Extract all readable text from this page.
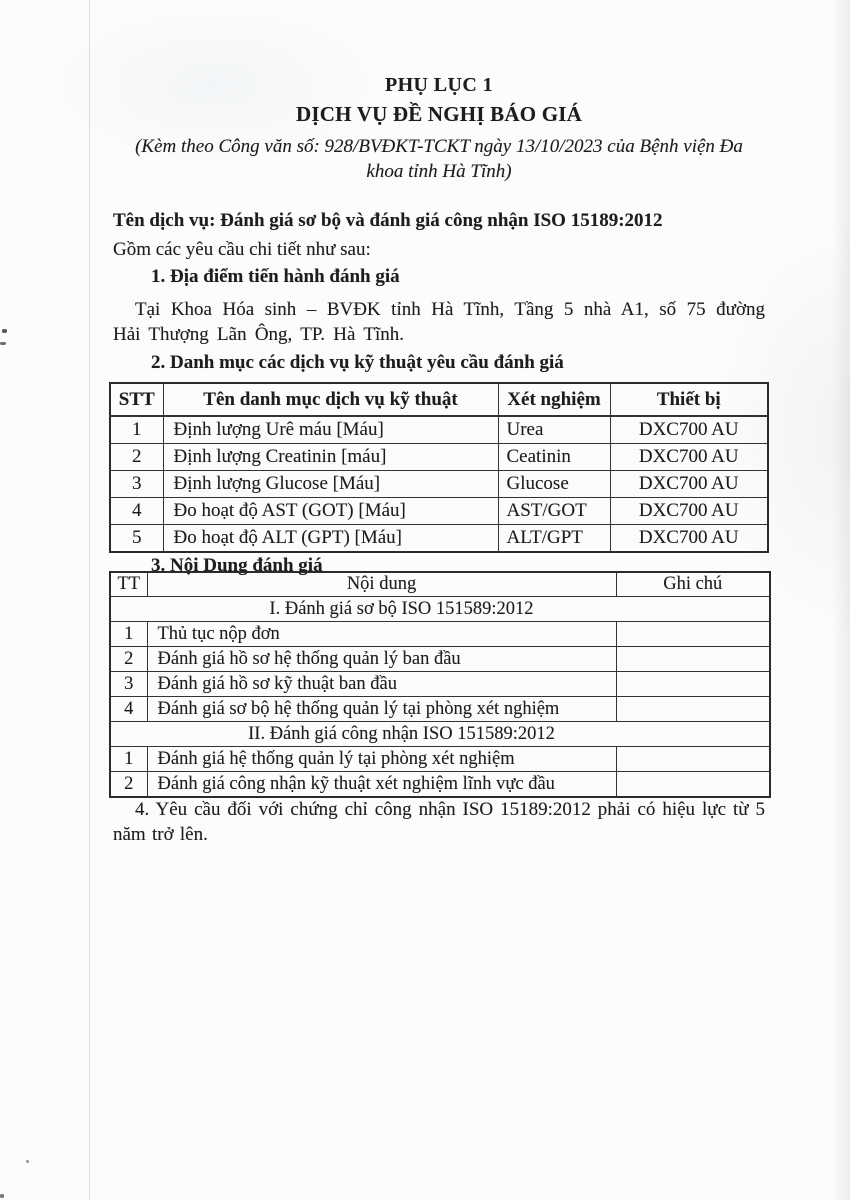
PHỤ LỤC 1
DỊCH VỤ ĐỀ NGHỊ BÁO GIÁ
(Kèm theo Công văn số: 928/BVĐKT-TCKT ngày 13/10/2023 của Bệnh viện Đa
khoa tỉnh Hà Tĩnh)

Tên dịch vụ: Đánh giá sơ bộ và đánh giá công nhận ISO 15189:2012

Gồm các yêu cầu chi tiết như sau:

1. Địa điểm tiến hành đánh giá

Tại Khoa Hóa sinh – BVĐK tỉnh Hà Tĩnh, Tầng 5 nhà A1, số 75 đường Hải Thượng Lãn Ông, TP. Hà Tĩnh.

2. Danh mục các dịch vụ kỹ thuật yêu cầu đánh giá
STT	Tên danh mục dịch vụ kỹ thuật	Xét nghiệm	Thiết bị
1	Định lượng Urê máu [Máu]	Urea	DXC700 AU
2	Định lượng Creatinin [máu]	Ceatinin	DXC700 AU
3	Định lượng Glucose [Máu]	Glucose	DXC700 AU
4	Đo hoạt độ AST (GOT) [Máu]	AST/GOT	DXC700 AU
5	Đo hoạt độ ALT (GPT) [Máu]	ALT/GPT	DXC700 AU
3. Nội Dung đánh giá
TT	Nội dung	Ghi chú
I. Đánh giá sơ bộ ISO 151589:2012		
1	Thủ tục nộp đơn	
2	Đánh giá hồ sơ hệ thống quản lý ban đầu	
3	Đánh giá hồ sơ kỹ thuật ban đầu	
4	Đánh giá sơ bộ hệ thống quản lý tại phòng xét nghiệm	
II. Đánh giá công nhận ISO 151589:2012		
1	Đánh giá hệ thống quản lý tại phòng xét nghiệm	
2	Đánh giá công nhận kỹ thuật xét nghiệm lĩnh vực đầu	

4. Yêu cầu đối với chứng chỉ công nhận ISO 15189:2012 phải có hiệu lực từ 5 năm trở lên.
